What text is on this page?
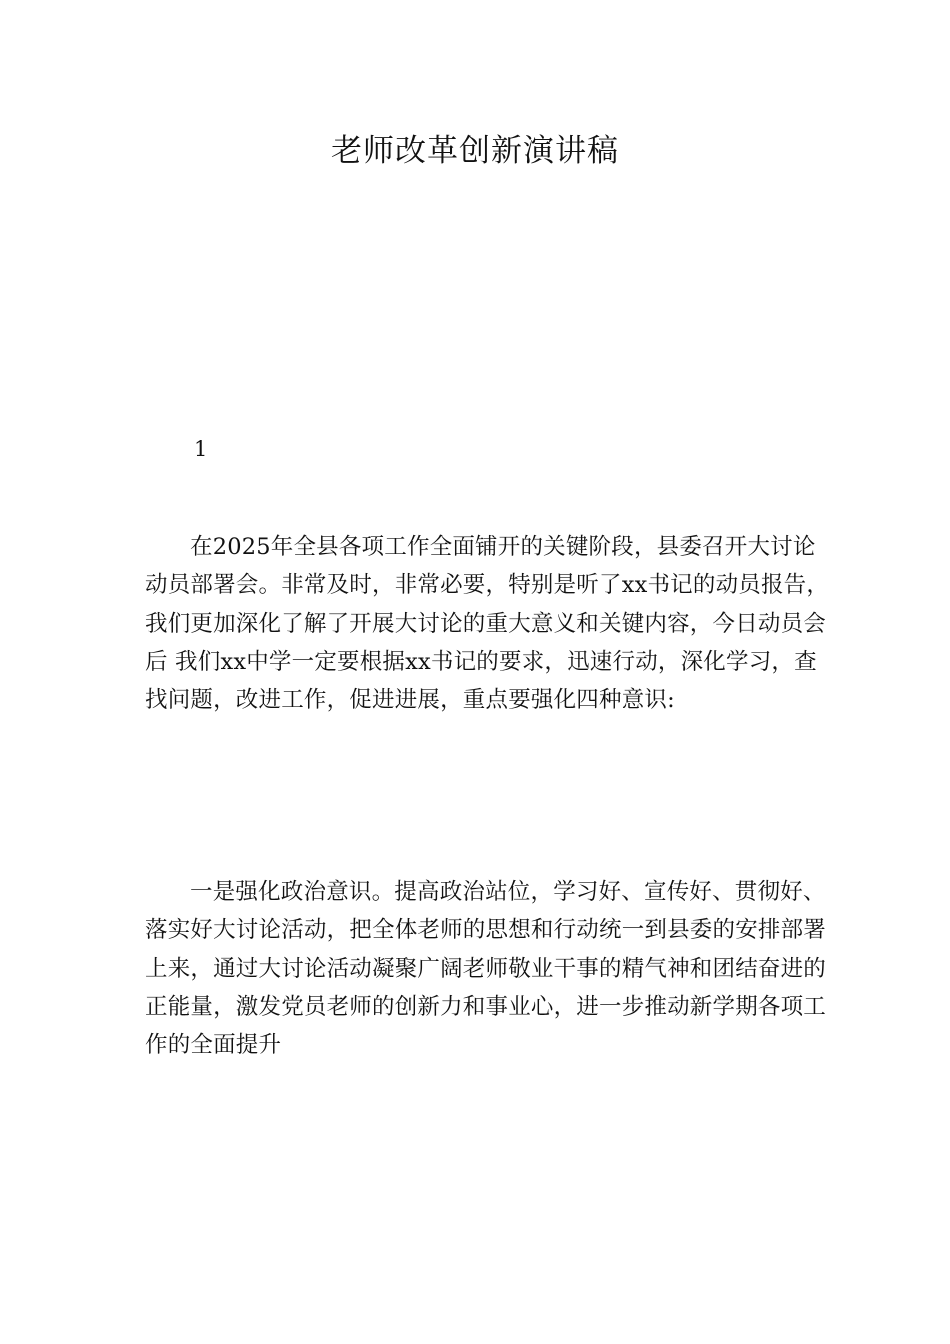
老师改革创新演讲稿
1

在2025年全县各项工作全面铺开的关键阶段，县委召开大讨论动员部署会。非常及时，非常必要，特别是听了xx书记的动员报告，我们更加深化了解了开展大讨论的重大意义和关键内容，今日动员会后 我们xx中学一定要根据xx书记的要求，迅速行动，深化学习，查找问题，改进工作，促进进展，重点要强化四种意识:

一是强化政治意识。提高政治站位，学习好、宣传好、贯彻好、落实好大讨论活动，把全体老师的思想和行动统一到县委的安排部署上来，通过大讨论活动凝聚广阔老师敬业干事的精气神和团结奋进的正能量，激发党员老师的创新力和事业心，进一步推动新学期各项工作的全面提升
